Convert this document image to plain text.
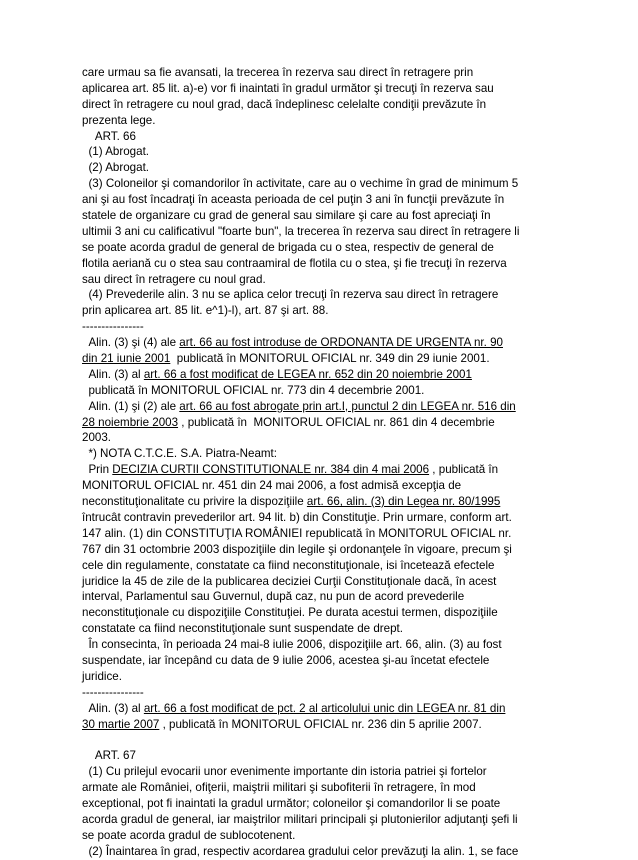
care urmau sa fie avansati, la trecerea în rezerva sau direct în retragere prin
aplicarea art. 85 lit. a)-e) vor fi inaintati în gradul următor şi trecuţi în rezerva sau
direct în retragere cu noul grad, dacă îndeplinesc celelalte condiţii prevăzute în
prezenta lege.
ART. 66
(1) Abrogat.
(2) Abrogat.
(3) Coloneilor şi comandorilor în activitate, care au o vechime în grad de minimum 5
ani şi au fost încadraţi în aceasta perioada de cel puţin 3 ani în funcţii prevăzute în
statele de organizare cu grad de general sau similare şi care au fost apreciaţi în
ultimii 3 ani cu calificativul "foarte bun", la trecerea în rezerva sau direct în retragere li
se poate acorda gradul de general de brigada cu o stea, respectiv de general de
flotila aeriană cu o stea sau contraamiral de flotila cu o stea, şi fie trecuţi în rezerva
sau direct în retragere cu noul grad.
(4) Prevederile alin. 3 nu se aplica celor trecuţi în rezerva sau direct în retragere
prin aplicarea art. 85 lit. e^1)-l), art. 87 şi art. 88.
----------------
Alin. (3) şi (4) ale art. 66 au fost introduse de ORDONANTA DE URGENTA nr. 90
din 21 iunie 2001  publicată în MONITORUL OFICIAL nr. 349 din 29 iunie 2001.
Alin. (3) al art. 66 a fost modificat de LEGEA nr. 652 din 20 noiembrie 2001
publicată în MONITORUL OFICIAL nr. 773 din 4 decembrie 2001.
Alin. (1) şi (2) ale art. 66 au fost abrogate prin art.I, punctul 2 din LEGEA nr. 516 din
28 noiembrie 2003 , publicată în  MONITORUL OFICIAL nr. 861 din 4 decembrie
2003.
*) NOTA C.T.C.E. S.A. Piatra-Neamt:
Prin DECIZIA CURTII CONSTITUTIONALE nr. 384 din 4 mai 2006 , publicată în
MONITORUL OFICIAL nr. 451 din 24 mai 2006, a fost admisă excepţia de
neconstituţionalitate cu privire la dispoziţiile art. 66, alin. (3) din Legea nr. 80/1995
întrucât contravin prevederilor art. 94 lit. b) din Constituţie. Prin urmare, conform art.
147 alin. (1) din CONSTITUŢIA ROMÂNIEI republicată în MONITORUL OFICIAL nr.
767 din 31 octombrie 2003 dispoziţiile din legile şi ordonanţele în vigoare, precum şi
cele din regulamente, constatate ca fiind neconstituţionale, isi încetează efectele
juridice la 45 de zile de la publicarea deciziei Curţii Constituţionale dacă, în acest
interval, Parlamentul sau Guvernul, după caz, nu pun de acord prevederile
neconstituţionale cu dispoziţiile Constituţiei. Pe durata acestui termen, dispoziţiile
constatate ca fiind neconstituţionale sunt suspendate de drept.
În consecinta, în perioada 24 mai-8 iulie 2006, dispoziţiile art. 66, alin. (3) au fost
suspendate, iar începând cu data de 9 iulie 2006, acestea şi-au încetat efectele
juridice.
----------------
Alin. (3) al art. 66 a fost modificat de pct. 2 al articolului unic din LEGEA nr. 81 din
30 martie 2007 , publicată în MONITORUL OFICIAL nr. 236 din 5 aprilie 2007.
ART. 67
(1) Cu prilejul evocarii unor evenimente importante din istoria patriei şi fortelor
armate ale României, ofiţerii, maiştrii militari şi subofiterii în retragere, în mod
exceptional, pot fi inaintati la gradul următor; coloneilor şi comandorilor li se poate
acorda gradul de general, iar maiştrilor militari principali şi plutonierilor adjutanţi şefi li
se poate acorda gradul de sublocotenent.
(2) Înaintarea în grad, respectiv acordarea gradului celor prevăzuţi la alin. 1, se face
